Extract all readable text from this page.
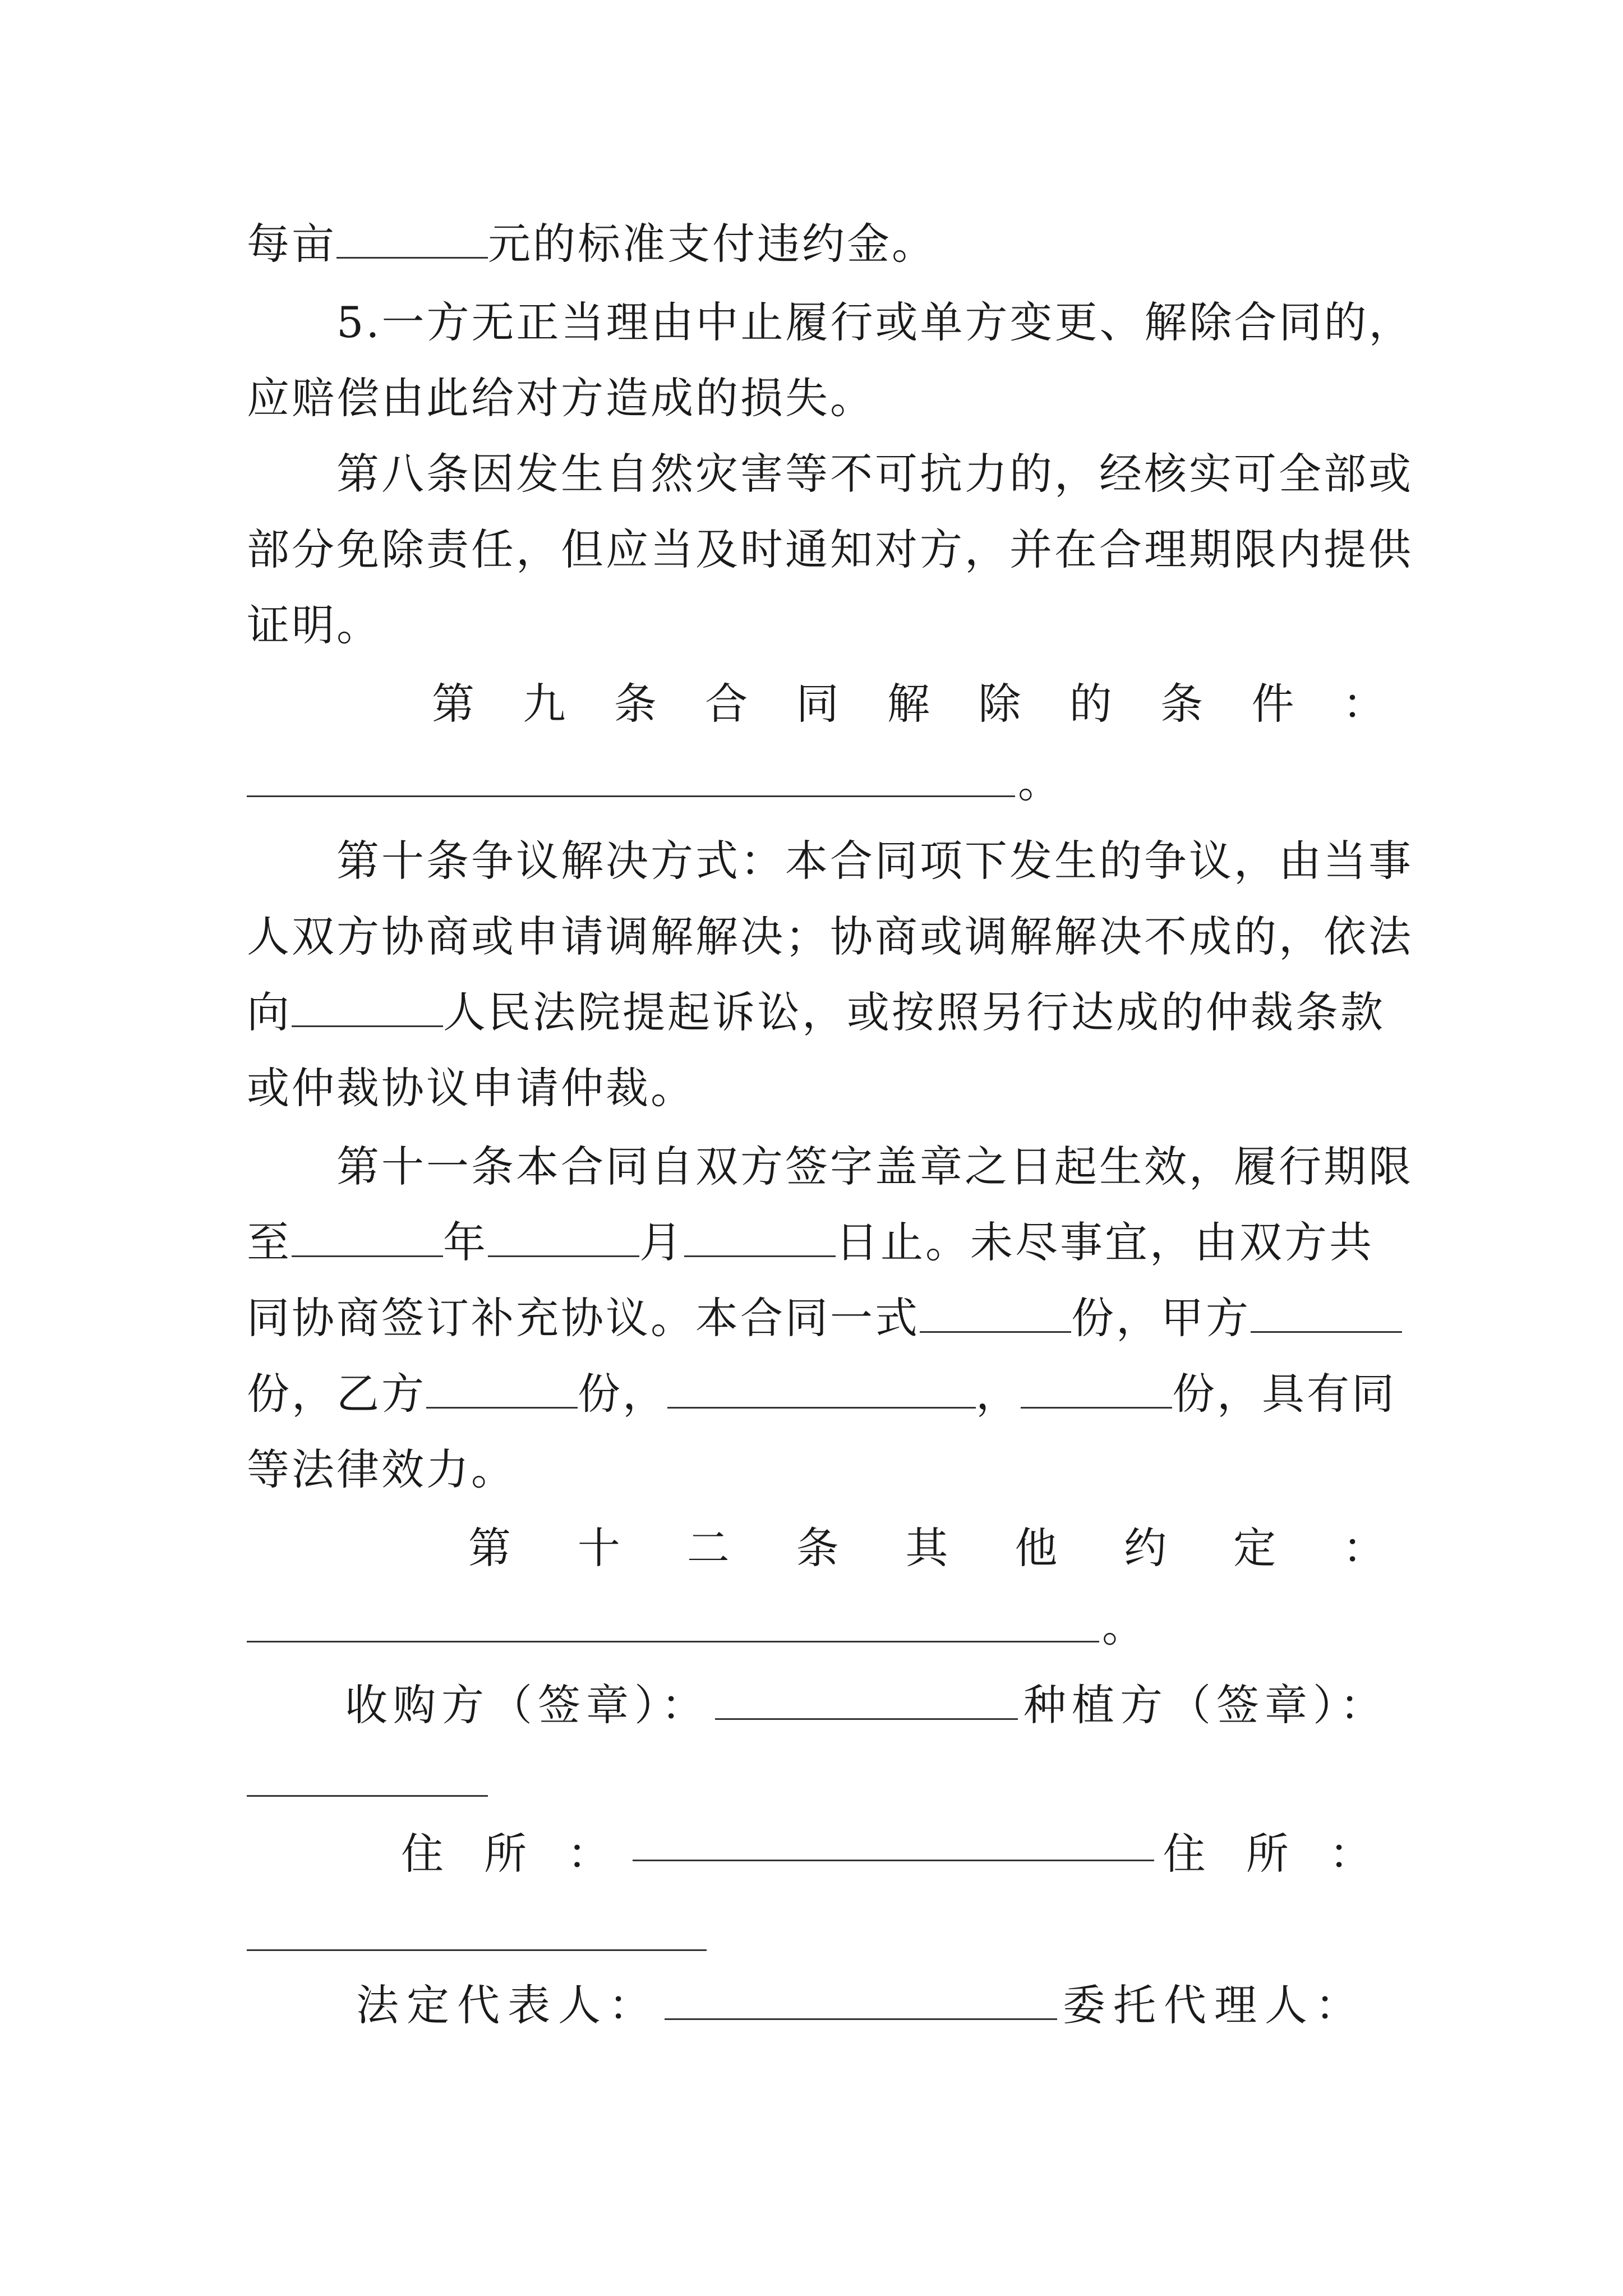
每亩	元的标准支付违约金。
5.一方无正当理由中止履行或单方变更、解除合同的，
应赔偿由此给对方造成的损失。
第八条因发生自然灾害等不可抗力的，经核实可全部或
部分免除责任，但应当及时通知对方，并在合理期限内提供
证明。
第 九 条 合 同 解 除 的 条 件 ：
。
第十条争议解决方式：本合同项下发生的争议，由当事
人双方协商或申请调解解决；协商或调解解决不成的，依法
向	人民法院提起诉讼，或按照另行达成的仲裁条款
或仲裁协议申请仲裁。
第十一条本合同自双方签字盖章之日起生效，履行期限
至	年	月	日止。未尽事宜，由双方共
同协商签订补充协议。本合同一式	份，甲方
份，乙方	份，	，	份，具有同
等法律效力。
第 十 二 条 其 他 约 定 ：
。
收购方（签章）：	种植方（签章）：
住 所 ：	住 所 ：
法定代表人：	委托代理人：
